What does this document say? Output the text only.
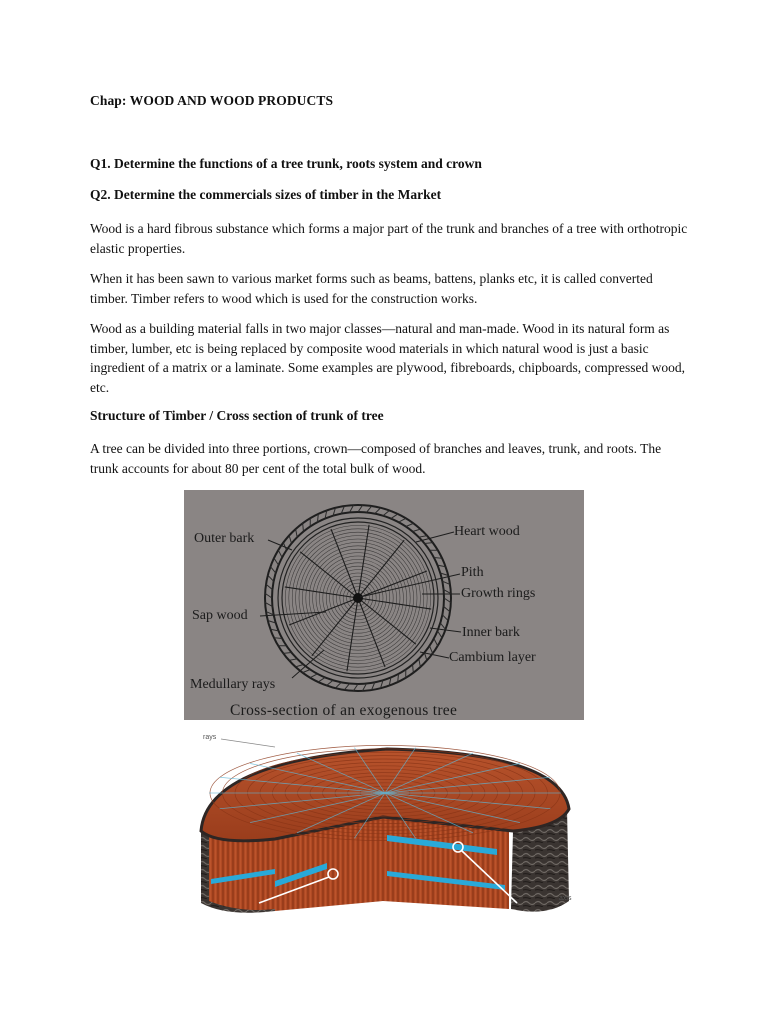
Chap: WOOD AND WOOD PRODUCTS
Q1. Determine the functions of a tree trunk, roots system and crown
Q2. Determine the commercials sizes of timber in the Market
Wood is a hard fibrous substance which forms a major part of the trunk and branches of a tree with orthotropic elastic properties.
When it has been sawn to various market forms such as beams, battens, planks etc, it is called converted timber. Timber refers to wood which is used for the construction works.
Wood as a building material falls in two major classes—natural and man-made. Wood in its natural form as timber, lumber, etc is being replaced by composite wood materials in which natural wood is just a basic ingredient of a matrix or a laminate. Some examples are plywood, fibreboards, chipboards, compressed wood, etc.
Structure of Timber / Cross section of trunk of tree
A tree can be divided into three portions, crown—composed of branches and leaves, trunk, and roots. The trunk accounts for about 80 per cent of the total bulk of wood.
Outer bark	Heart wood
Pith
Growth rings
Sap wood
Inner bark
Cambium layer
Medullary rays
Cross-section of an exogenous tree
rays
axis
